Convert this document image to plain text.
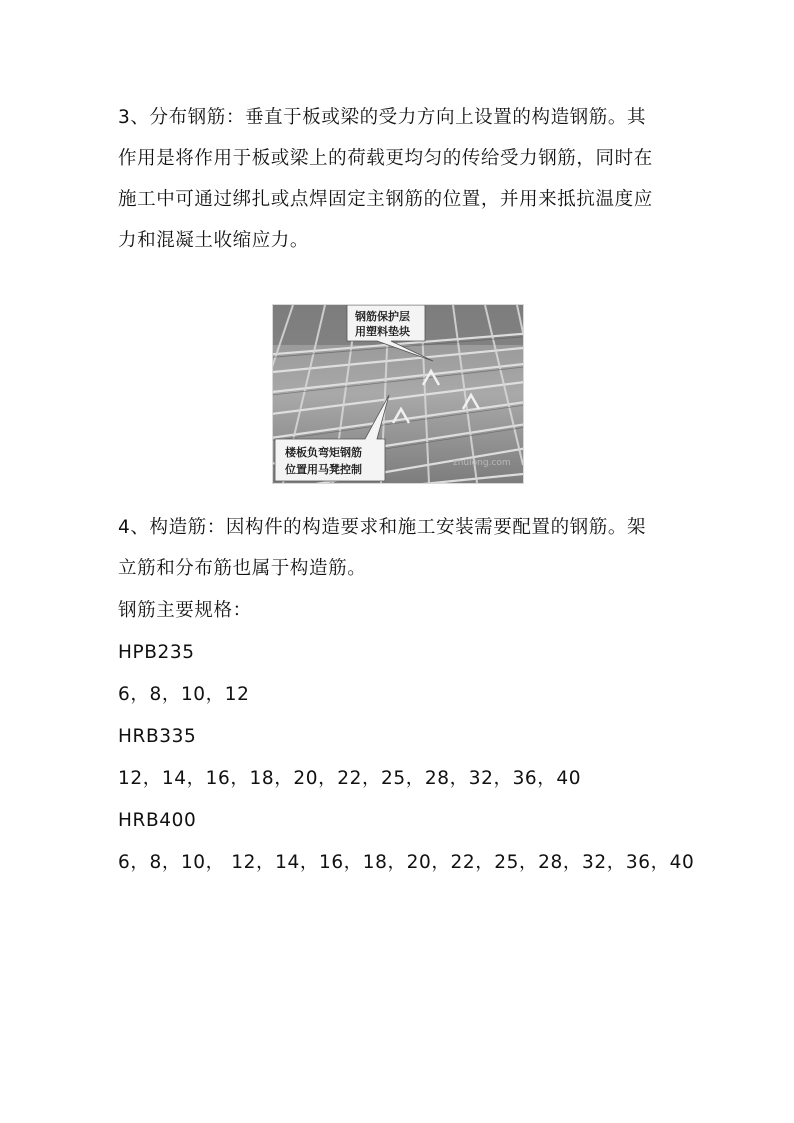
3、分布钢筋：垂直于板或梁的受力方向上设置的构造钢筋。其
作用是将作用于板或梁上的荷载更均匀的传给受力钢筋，同时在
施工中可通过绑扎或点焊固定主钢筋的位置，并用来抵抗温度应
力和混凝土收缩应力。
钢筋保护层
用塑料垫块
楼板负弯矩钢筋
位置用马凳控制	zhulong.com
4、构造筋：因构件的构造要求和施工安装需要配置的钢筋。架
立筋和分布筋也属于构造筋。
钢筋主要规格：
HPB235
6，8，10，12
HRB335
12，14，16，18，20，22，25，28，32，36，40
HRB400
6，8，10， 12，14，16，18，20，22，25，28，32，36，40
